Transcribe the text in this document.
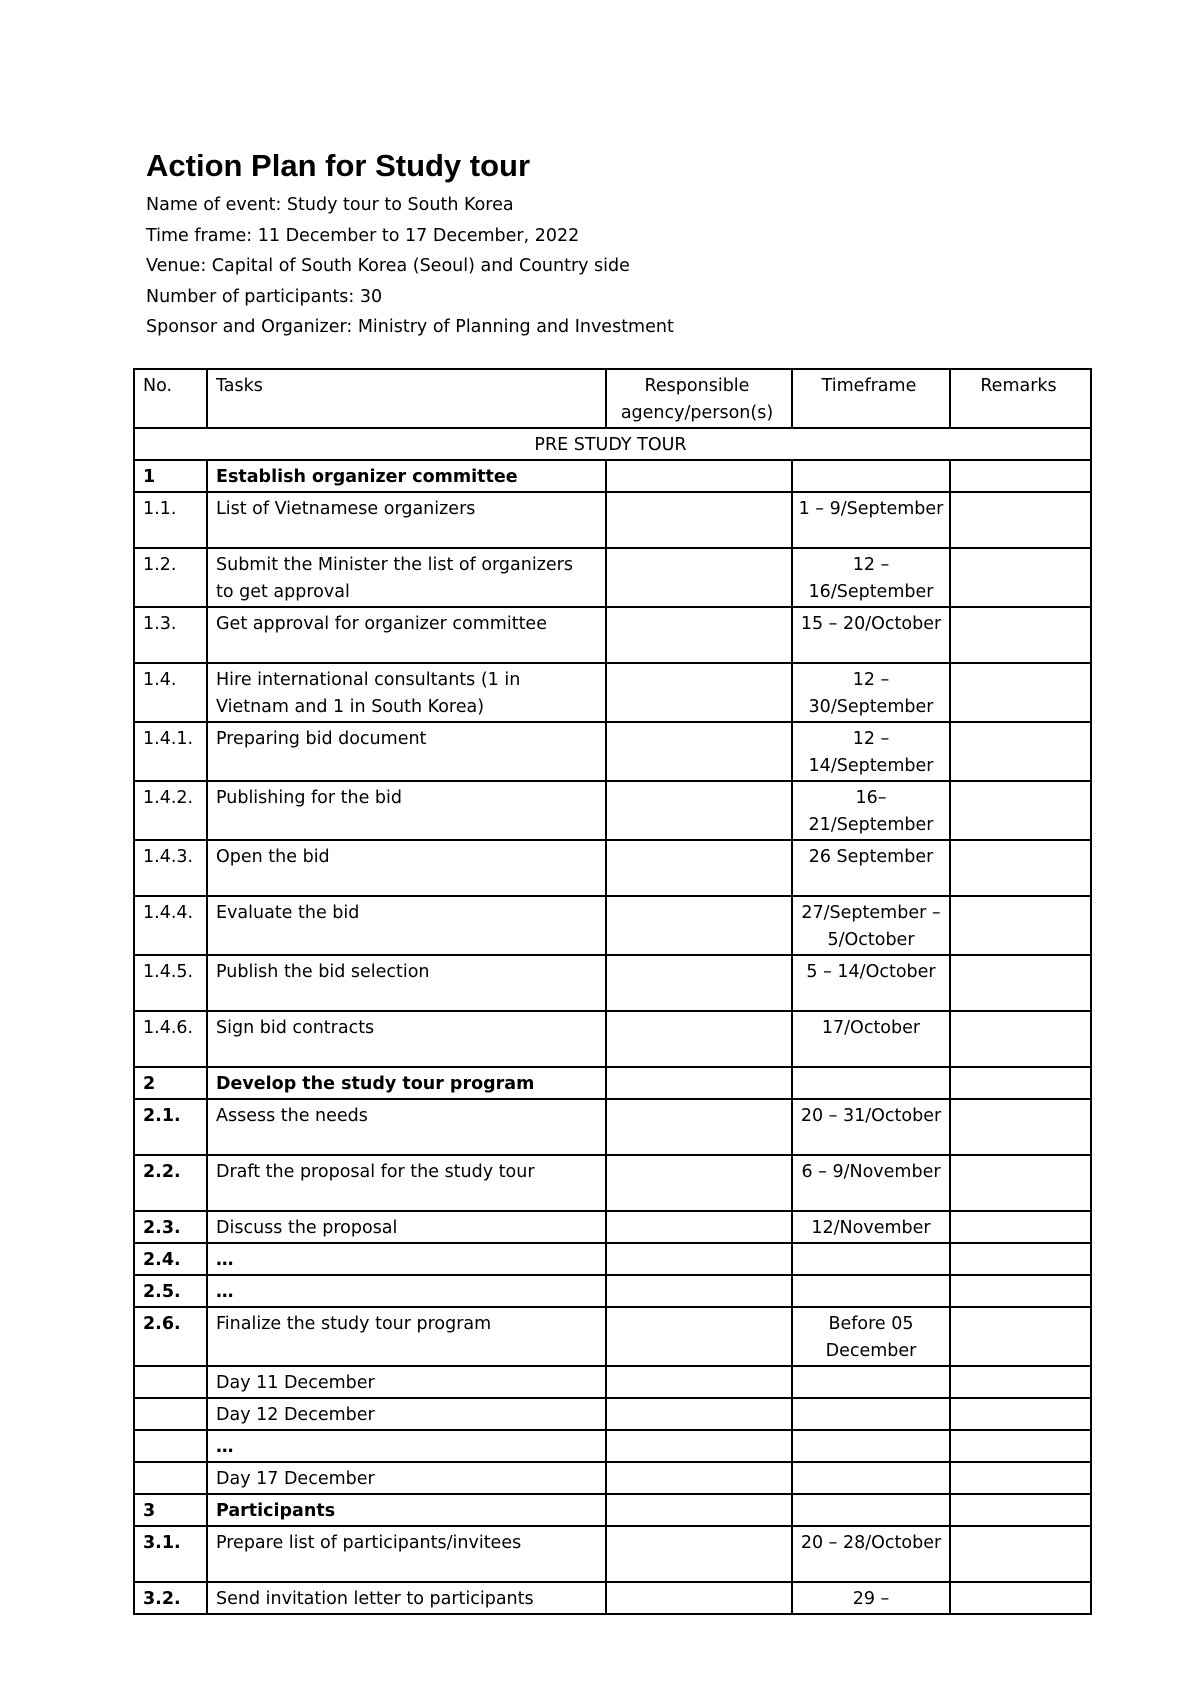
Action Plan for Study tour
Name of event: Study tour to South Korea
Time frame: 11 December to 17 December, 2022
Venue: Capital of South Korea (Seoul) and Country side
Number of participants: 30
Sponsor and Organizer: Ministry of Planning and Investment
No.	Tasks	Responsible agency/person(s)	Timeframe	Remarks
PRE STUDY TOUR				
1	Establish organizer committee			
1.1.	List of Vietnamese organizers		1 – 9/September	
1.2.	Submit the Minister the list of organizers to get approval		12 – 16/September	
1.3.	Get approval for organizer committee		15 – 20/October	
1.4.	Hire international consultants (1 in Vietnam and 1 in South Korea)		12 – 30/September	
1.4.1.	Preparing bid document		12 – 14/September	
1.4.2.	Publishing for the bid		16– 21/September	
1.4.3.	Open the bid		26 September	
1.4.4.	Evaluate the bid		27/September – 5/October	
1.4.5.	Publish the bid selection		5 – 14/October	
1.4.6.	Sign bid contracts		17/October	
2	Develop the study tour program			
2.1.	Assess the needs		20 – 31/October	
2.2.	Draft the proposal for the study tour		6 – 9/November	
2.3.	Discuss the proposal		12/November	
2.4.	…			
2.5.	…			
2.6.	Finalize the study tour program		Before 05 December	
	Day 11 December			
	Day 12 December			
	…			
	Day 17 December			
3	Participants			
3.1.	Prepare list of participants/invitees		20 – 28/October	
3.2.	Send invitation letter to participants		29 –	
